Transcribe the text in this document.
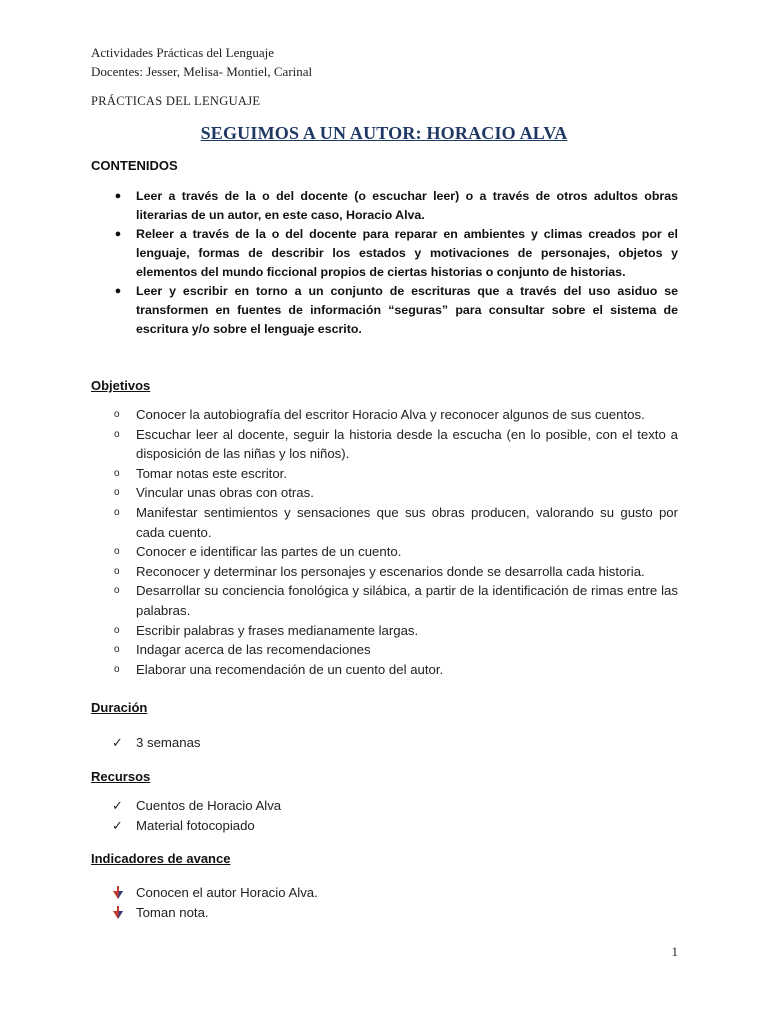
Actividades Prácticas del Lenguaje
Docentes: Jesser, Melisa- Montiel, Carinal
PRÁCTICAS DEL LENGUAJE
SEGUIMOS A UN AUTOR: HORACIO ALVA
CONTENIDOS
● Leer a través de la o del docente (o escuchar leer) o a través de otros adultos obras literarias de un autor, en este caso, Horacio Alva.
● Releer a través de la o del docente para reparar en ambientes y climas creados por el lenguaje, formas de describir los estados y motivaciones de personajes, objetos y elementos del mundo ficcional propios de ciertas historias o conjunto de historias.
● Leer y escribir en torno a un conjunto de escrituras que a través del uso asiduo se transformen en fuentes de información “seguras” para consultar sobre el sistema de escritura y/o sobre el lenguaje escrito.
Objetivos
o Conocer la autobiografía del escritor Horacio Alva y reconocer algunos de sus cuentos.
o Escuchar leer al docente, seguir la historia desde la escucha (en lo posible, con el texto a disposición de las niñas y los niños).
o Tomar notas este escritor.
o Vincular unas obras con otras.
o Manifestar sentimientos y sensaciones que sus obras producen, valorando su gusto por cada cuento.
o Conocer e identificar las partes de un cuento.
o Reconocer y determinar los personajes y escenarios donde se desarrolla cada historia.
o Desarrollar su conciencia fonológica y silábica, a partir de la identificación de rimas entre las palabras.
o Escribir palabras y frases medianamente largas.
o Indagar acerca de las recomendaciones
o Elaborar una recomendación de un cuento del autor.
Duración
✓ 3 semanas
Recursos
✓ Cuentos de Horacio Alva
✓ Material fotocopiado
Indicadores de avance
Conocen el autor Horacio Alva.
Toman nota.
1
